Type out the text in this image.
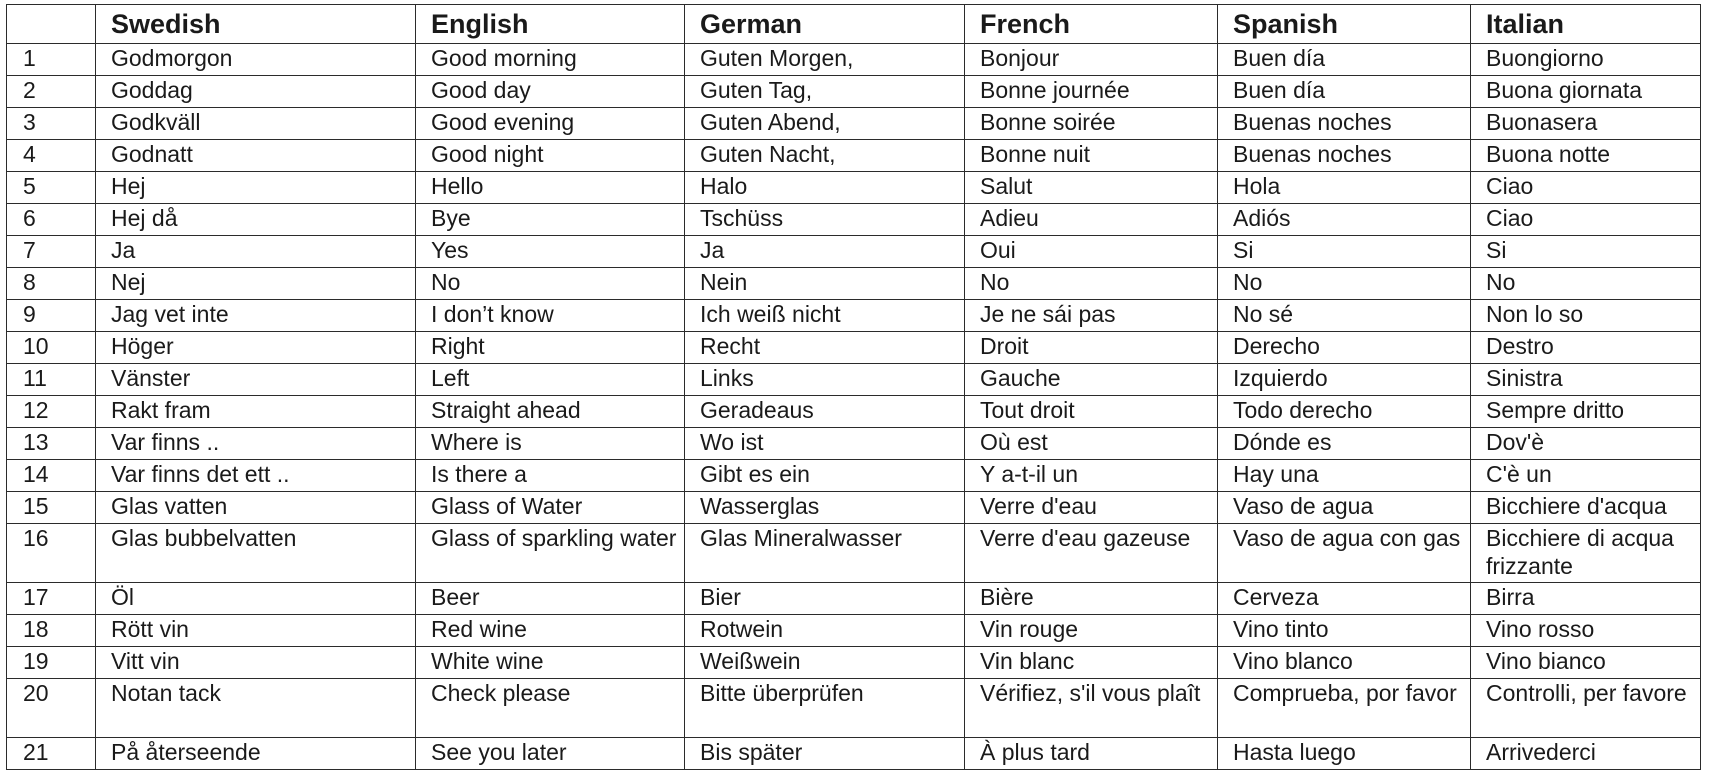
	Swedish	English	German	French	Spanish	Italian
1	Godmorgon	Good morning	Guten Morgen,	Bonjour	Buen día	Buongiorno
2	Goddag	Good day	Guten Tag,	Bonne journée	Buen día	Buona giornata
3	Godkväll	Good evening	Guten Abend,	Bonne soirée	Buenas noches	Buonasera
4	Godnatt	Good night	Guten Nacht,	Bonne nuit	Buenas noches	Buona notte
5	Hej	Hello	Halo	Salut	Hola	Ciao
6	Hej då	Bye	Tschüss	Adieu	Adiós	Ciao
7	Ja	Yes	Ja	Oui	Si	Si
8	Nej	No	Nein	No	No	No
9	Jag vet inte	I don’t know	Ich weiß nicht	Je ne sái pas	No sé	Non lo so
10	Höger	Right	Recht	Droit	Derecho	Destro
11	Vänster	Left	Links	Gauche	Izquierdo	Sinistra
12	Rakt fram	Straight ahead	Geradeaus	Tout droit	Todo derecho	Sempre dritto
13	Var finns ..	Where is	Wo ist	Où est	Dónde es	Dov'è
14	Var finns det ett ..	Is there a	Gibt es ein	Y a-t-il un	Hay una	C'è un
15	Glas vatten	Glass of Water	Wasserglas	Verre d'eau	Vaso de agua	Bicchiere d'acqua
16	Glas bubbelvatten	Glass of sparkling water	Glas Mineralwasser	Verre d'eau gazeuse	Vaso de agua con gas	Bicchiere di acqua frizzante
17	Öl	Beer	Bier	Bière	Cerveza	Birra
18	Rött vin	Red wine	Rotwein	Vin rouge	Vino tinto	Vino rosso
19	Vitt vin	White wine	Weißwein	Vin blanc	Vino blanco	Vino bianco
20	Notan tack	Check please	Bitte überprüfen	Vérifiez, s'il vous plaît	Comprueba, por favor	Controlli, per favore
21	På återseende	See you later	Bis später	À plus tard	Hasta luego	Arrivederci
